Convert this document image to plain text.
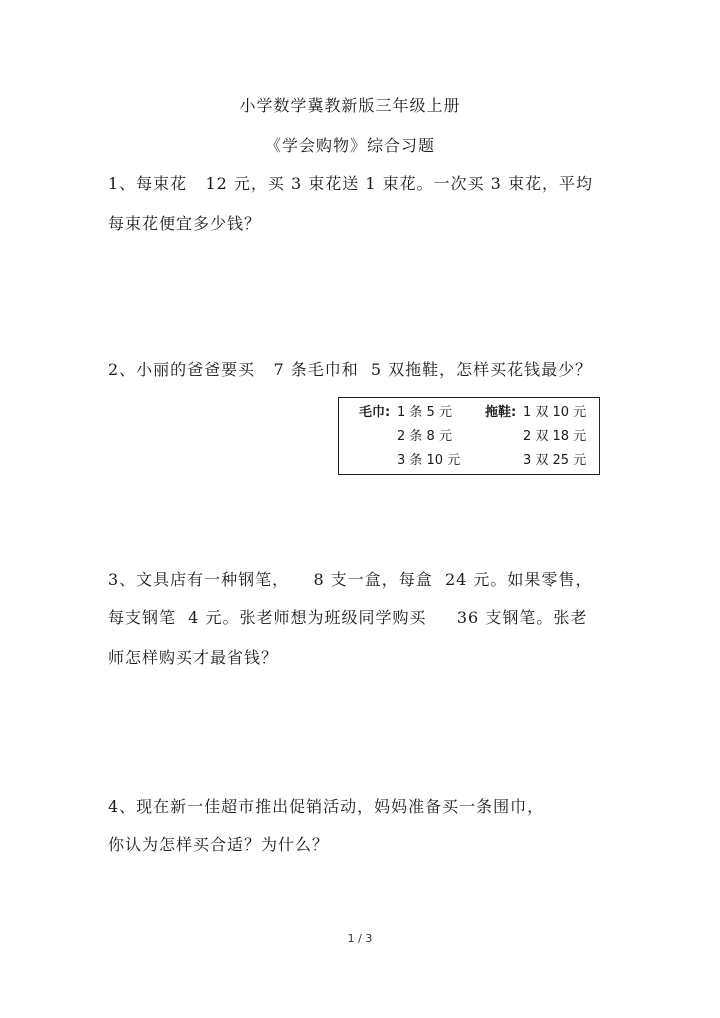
小学数学冀教新版三年级上册
《学会购物》综合习题
1、每束花   12 元，买 3 束花送 1 束花。一次买 3 束花，平均
每束花便宜多少钱？
2、小丽的爸爸要买   7 条毛巾和  5 双拖鞋，怎样买花钱最少？
毛巾: 1 条 5 元
2 条 8 元
3 条 10 元
拖鞋: 1 双 10 元
2 双 18 元
3 双 25 元
3、文具店有一种钢笔，    8 支一盒，每盒  24 元。如果零售，
每支钢笔  4 元。张老师想为班级同学购买     36 支钢笔。张老
师怎样购买才最省钱？
4、现在新一佳超市推出促销活动，妈妈准备买一条围巾，
你认为怎样买合适？为什么？
1 / 3
